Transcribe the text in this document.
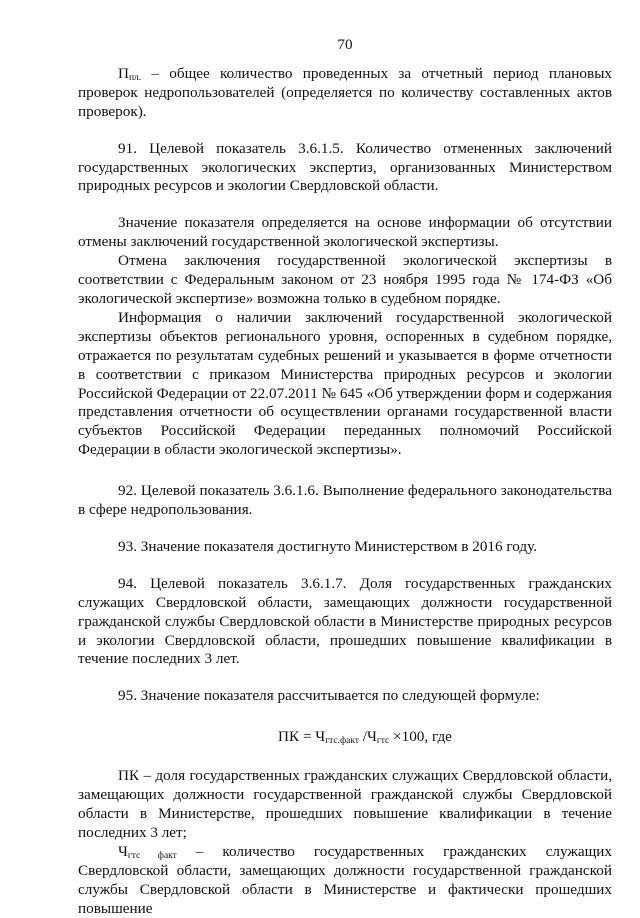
70

$П_{пл.}$ – общее количество проведенных за отчетный период плановых проверок недропользователей (определяется по количеству составленных актов проверок).

91. Целевой показатель 3.6.1.5. Количество отмененных заключений государственных экологических экспертиз, организованных Министерством природных ресурсов и экологии Свердловской области.

Значение показателя определяется на основе информации об отсутствии отмены заключений государственной экологической экспертизы.

Отмена заключения государственной экологической экспертизы в соответствии с Федеральным законом от 23 ноября 1995 года № 174-ФЗ «Об экологической экспертизе» возможна только в судебном порядке.

Информация о наличии заключений государственной экологической экспертизы объектов регионального уровня, оспоренных в судебном порядке, отражается по результатам судебных решений и указывается в форме отчетности в соответствии с приказом Министерства природных ресурсов и экологии Российской Федерации от 22.07.2011 № 645 «Об утверждении форм и содержания представления отчетности об осуществлении органами государственной власти субъектов Российской Федерации переданных полномочий Российской Федерации в области экологической экспертизы».

92. Целевой показатель 3.6.1.6. Выполнение федерального законодательства в сфере недропользования.

93. Значение показателя достигнуто Министерством в 2016 году.

94. Целевой показатель 3.6.1.7. Доля государственных гражданских служащих Свердловской области, замещающих должности государственной гражданской службы Свердловской области в Министерстве природных ресурсов и экологии Свердловской области, прошедших повышение квалификации в течение последних 3 лет.

95. Значение показателя рассчитывается по следующей формуле:

ПК = $Ч_{гтс.факт}$ $/Ч_{гтс} \times 100$, где

ПК – доля государственных гражданских служащих Свердловской области, замещающих должности государственной гражданской службы Свердловской области в Министерстве, прошедших повышение квалификации в течение последних 3 лет;

$Ч_{гтс факт}$ – количество государственных гражданских служащих Свердловской области, замещающих должности государственной гражданской службы Свердловской области в Министерстве и фактически прошедших повышение
